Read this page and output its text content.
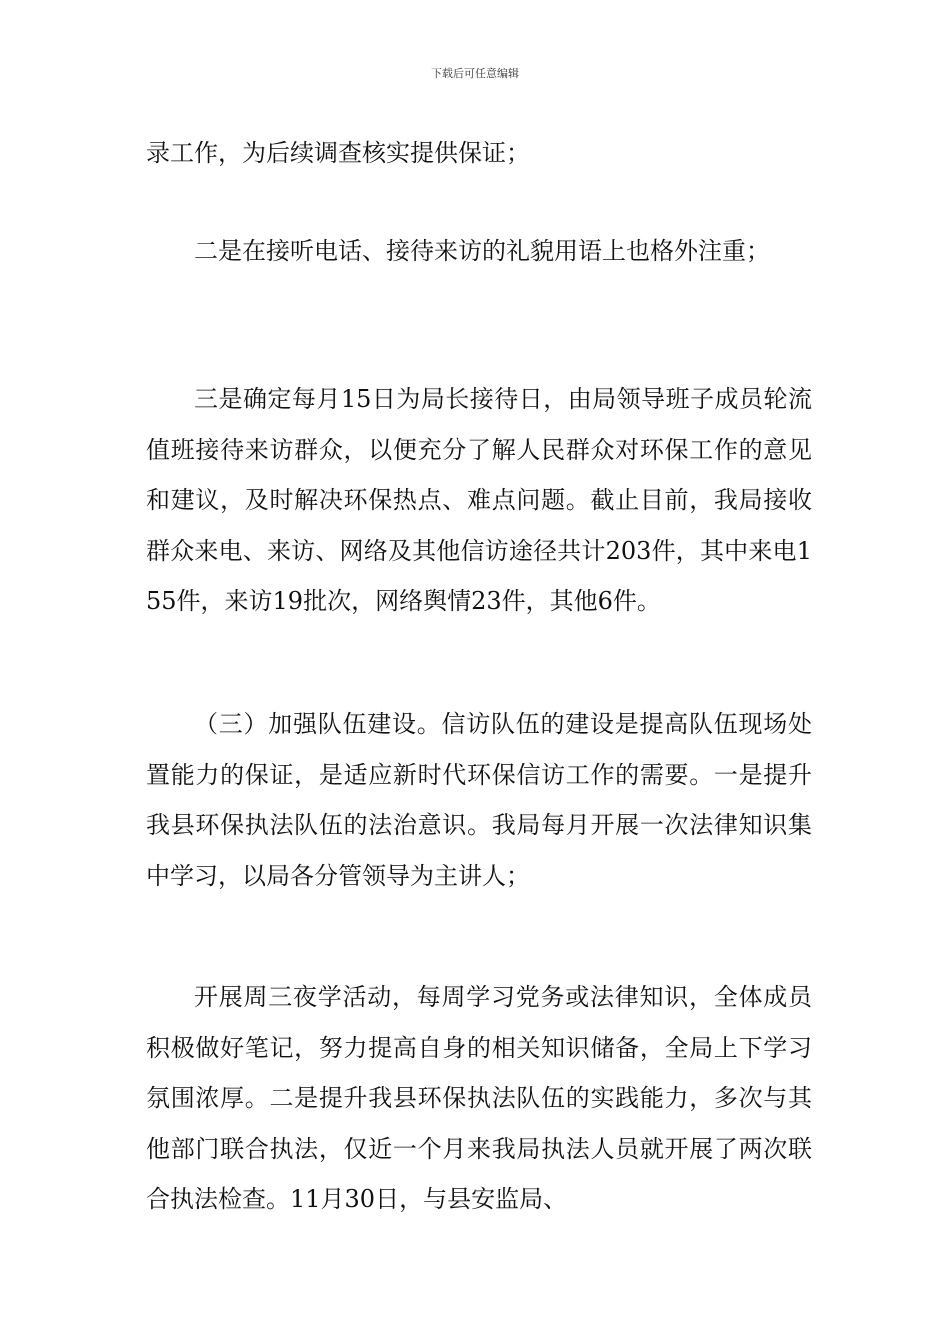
下载后可任意编辑

录工作，为后续调查核实提供保证；

二是在接听电话、接待来访的礼貌用语上也格外注重；

三是确定每月15日为局长接待日，由局领导班子成员轮流值班接待来访群众，以便充分了解人民群众对环保工作的意见和建议，及时解决环保热点、难点问题。截止目前，我局接收群众来电、来访、网络及其他信访途径共计203件，其中来电155件，来访19批次，网络舆情23件，其他6件。

（三）加强队伍建设。信访队伍的建设是提高队伍现场处置能力的保证，是适应新时代环保信访工作的需要。一是提升我县环保执法队伍的法治意识。我局每月开展一次法律知识集中学习，以局各分管领导为主讲人；

开展周三夜学活动，每周学习党务或法律知识，全体成员积极做好笔记，努力提高自身的相关知识储备，全局上下学习氛围浓厚。二是提升我县环保执法队伍的实践能力，多次与其他部门联合执法，仅近一个月来我局执法人员就开展了两次联合执法检查。11月30日，与县安监局、
